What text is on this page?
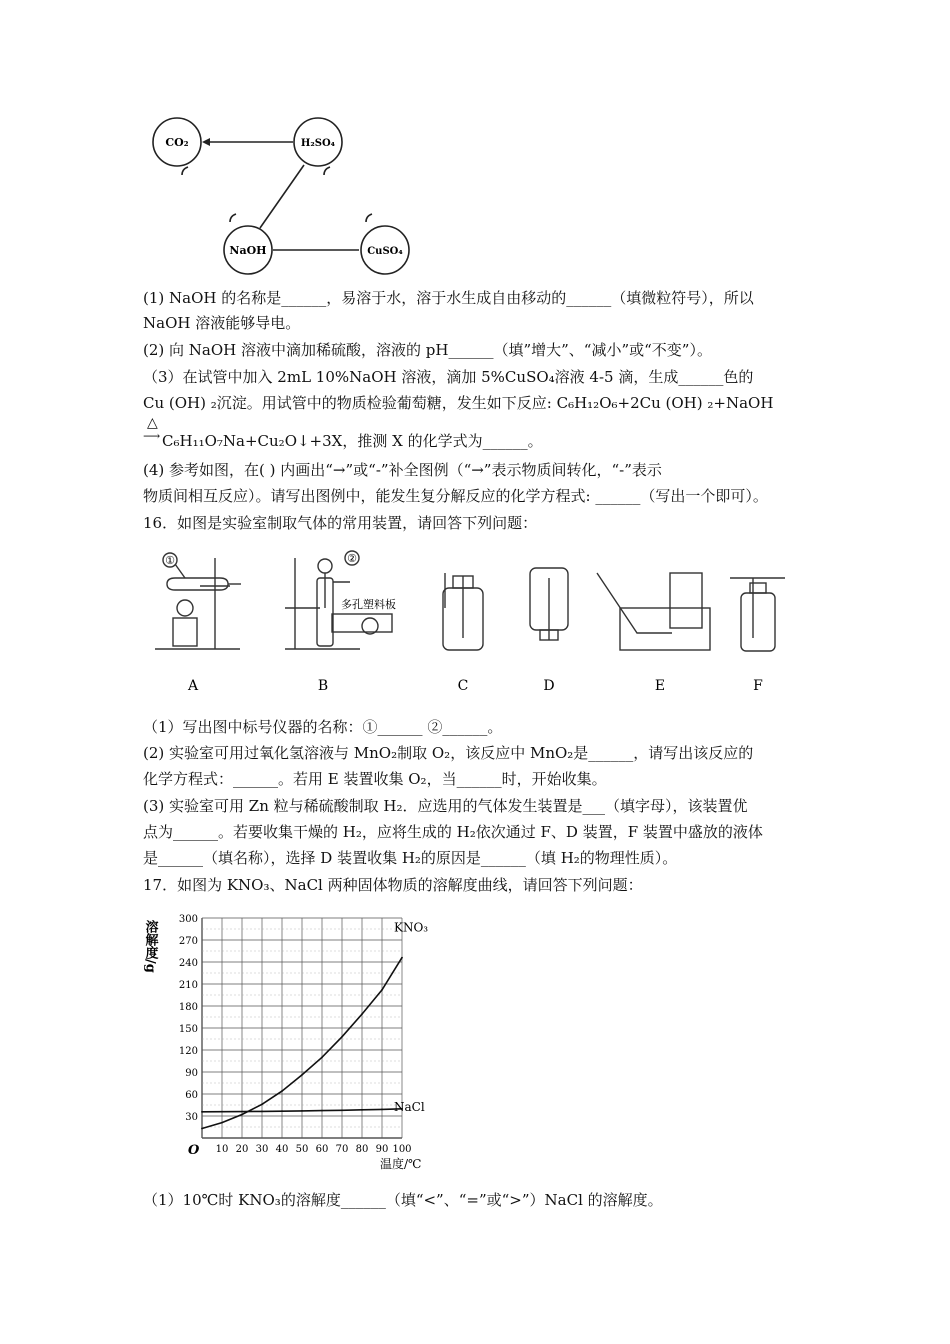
CO₂	H₂SO₄
NaOH	CuSO₄
(1) NaOH 的名称是______，易溶于水，溶于水生成自由移动的______（填微粒符号），所以
NaOH 溶液能够导电。
(2) 向 NaOH 溶液中滴加稀硫酸，溶液的 pH______（填”增大”、“减小”或“不变”）。
（3）在试管中加入 2mL 10%NaOH 溶液，滴加 5%CuSO₄溶液 4-5 滴，生成______色的
Cu (OH) ₂沉淀。用试管中的物质检验葡萄糖，发生如下反应: C₆H₁₂O₆+2Cu (OH) ₂+NaOH
△
⟶ C₆H₁₁O₇Na+Cu₂O↓+3X，推测 X 的化学式为______。
(4) 参考如图，在( ) 内画出“→”或“-”补全图例（“→”表示物质间转化，“-”表示
物质间相互反应）。请写出图例中，能发生复分解反应的化学方程式: ______（写出一个即可）。
16．如图是实验室制取气体的常用装置，请回答下列问题：
①	②
多孔塑料板
A	B	C	D	E	F
（1）写出图中标号仪器的名称：①______ ②______。
(2) 实验室可用过氧化氢溶液与 MnO₂制取 O₂，该反应中 MnO₂是______，请写出该反应的
化学方程式：______。若用 E 装置收集 O₂，当______时，开始收集。
(3) 实验室可用 Zn 粒与稀硫酸制取 H₂．应选用的气体发生装置是___（填字母），该装置优
点为______。若要收集干燥的 H₂，应将生成的 H₂依次通过 F、D 装置，F 装置中盛放的液体
是______（填名称），选择 D 装置收集 H₂的原因是______（填 H₂的物理性质）。
17．如图为 KNO₃、NaCl 两种固体物质的溶解度曲线，请回答下列问题：
10 20 30 40 50 60 70 80 90 100
30
60
90
120
150
180
210
240
270
300
溶解度/g
温度/℃
O
KNO₃
NaCl
（1）10℃时 KNO₃的溶解度______（填“<”、“=”或“>”）NaCl 的溶解度。
